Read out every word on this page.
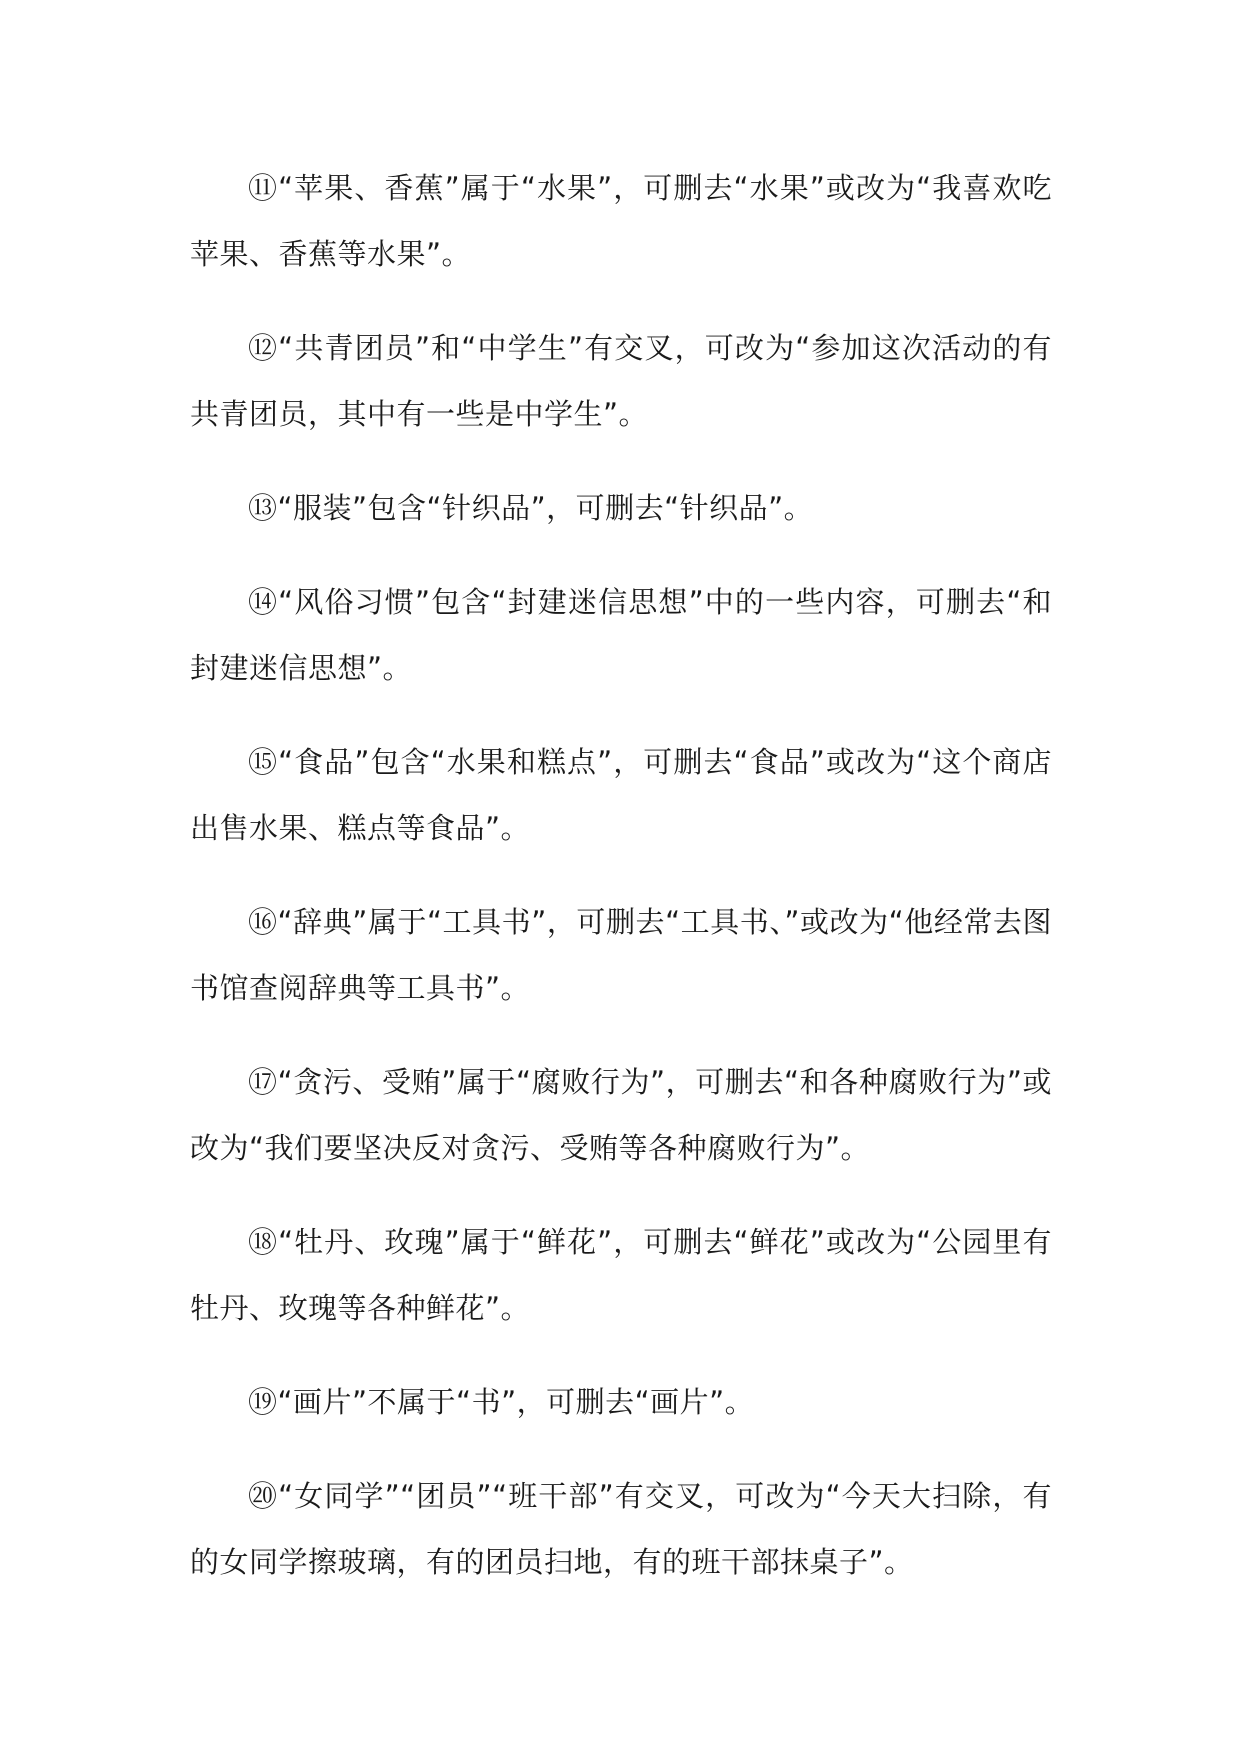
⑪“苹果、香蕉”属于“水果”，可删去“水果”或改为“我喜欢吃苹果、香蕉等水果”。

⑫“共青团员”和“中学生”有交叉，可改为“参加这次活动的有共青团员，其中有一些是中学生”。

⑬“服装”包含“针织品”，可删去“针织品”。

⑭“风俗习惯”包含“封建迷信思想”中的一些内容，可删去“和封建迷信思想”。

⑮“食品”包含“水果和糕点”，可删去“食品”或改为“这个商店出售水果、糕点等食品”。

⑯“辞典”属于“工具书”，可删去“工具书、”或改为“他经常去图书馆查阅辞典等工具书”。

⑰“贪污、受贿”属于“腐败行为”，可删去“和各种腐败行为”或改为“我们要坚决反对贪污、受贿等各种腐败行为”。

⑱“牡丹、玫瑰”属于“鲜花”，可删去“鲜花”或改为“公园里有牡丹、玫瑰等各种鲜花”。

⑲“画片”不属于“书”，可删去“画片”。

⑳“女同学”“团员”“班干部”有交叉，可改为“今天大扫除，有的女同学擦玻璃，有的团员扫地，有的班干部抹桌子”。
